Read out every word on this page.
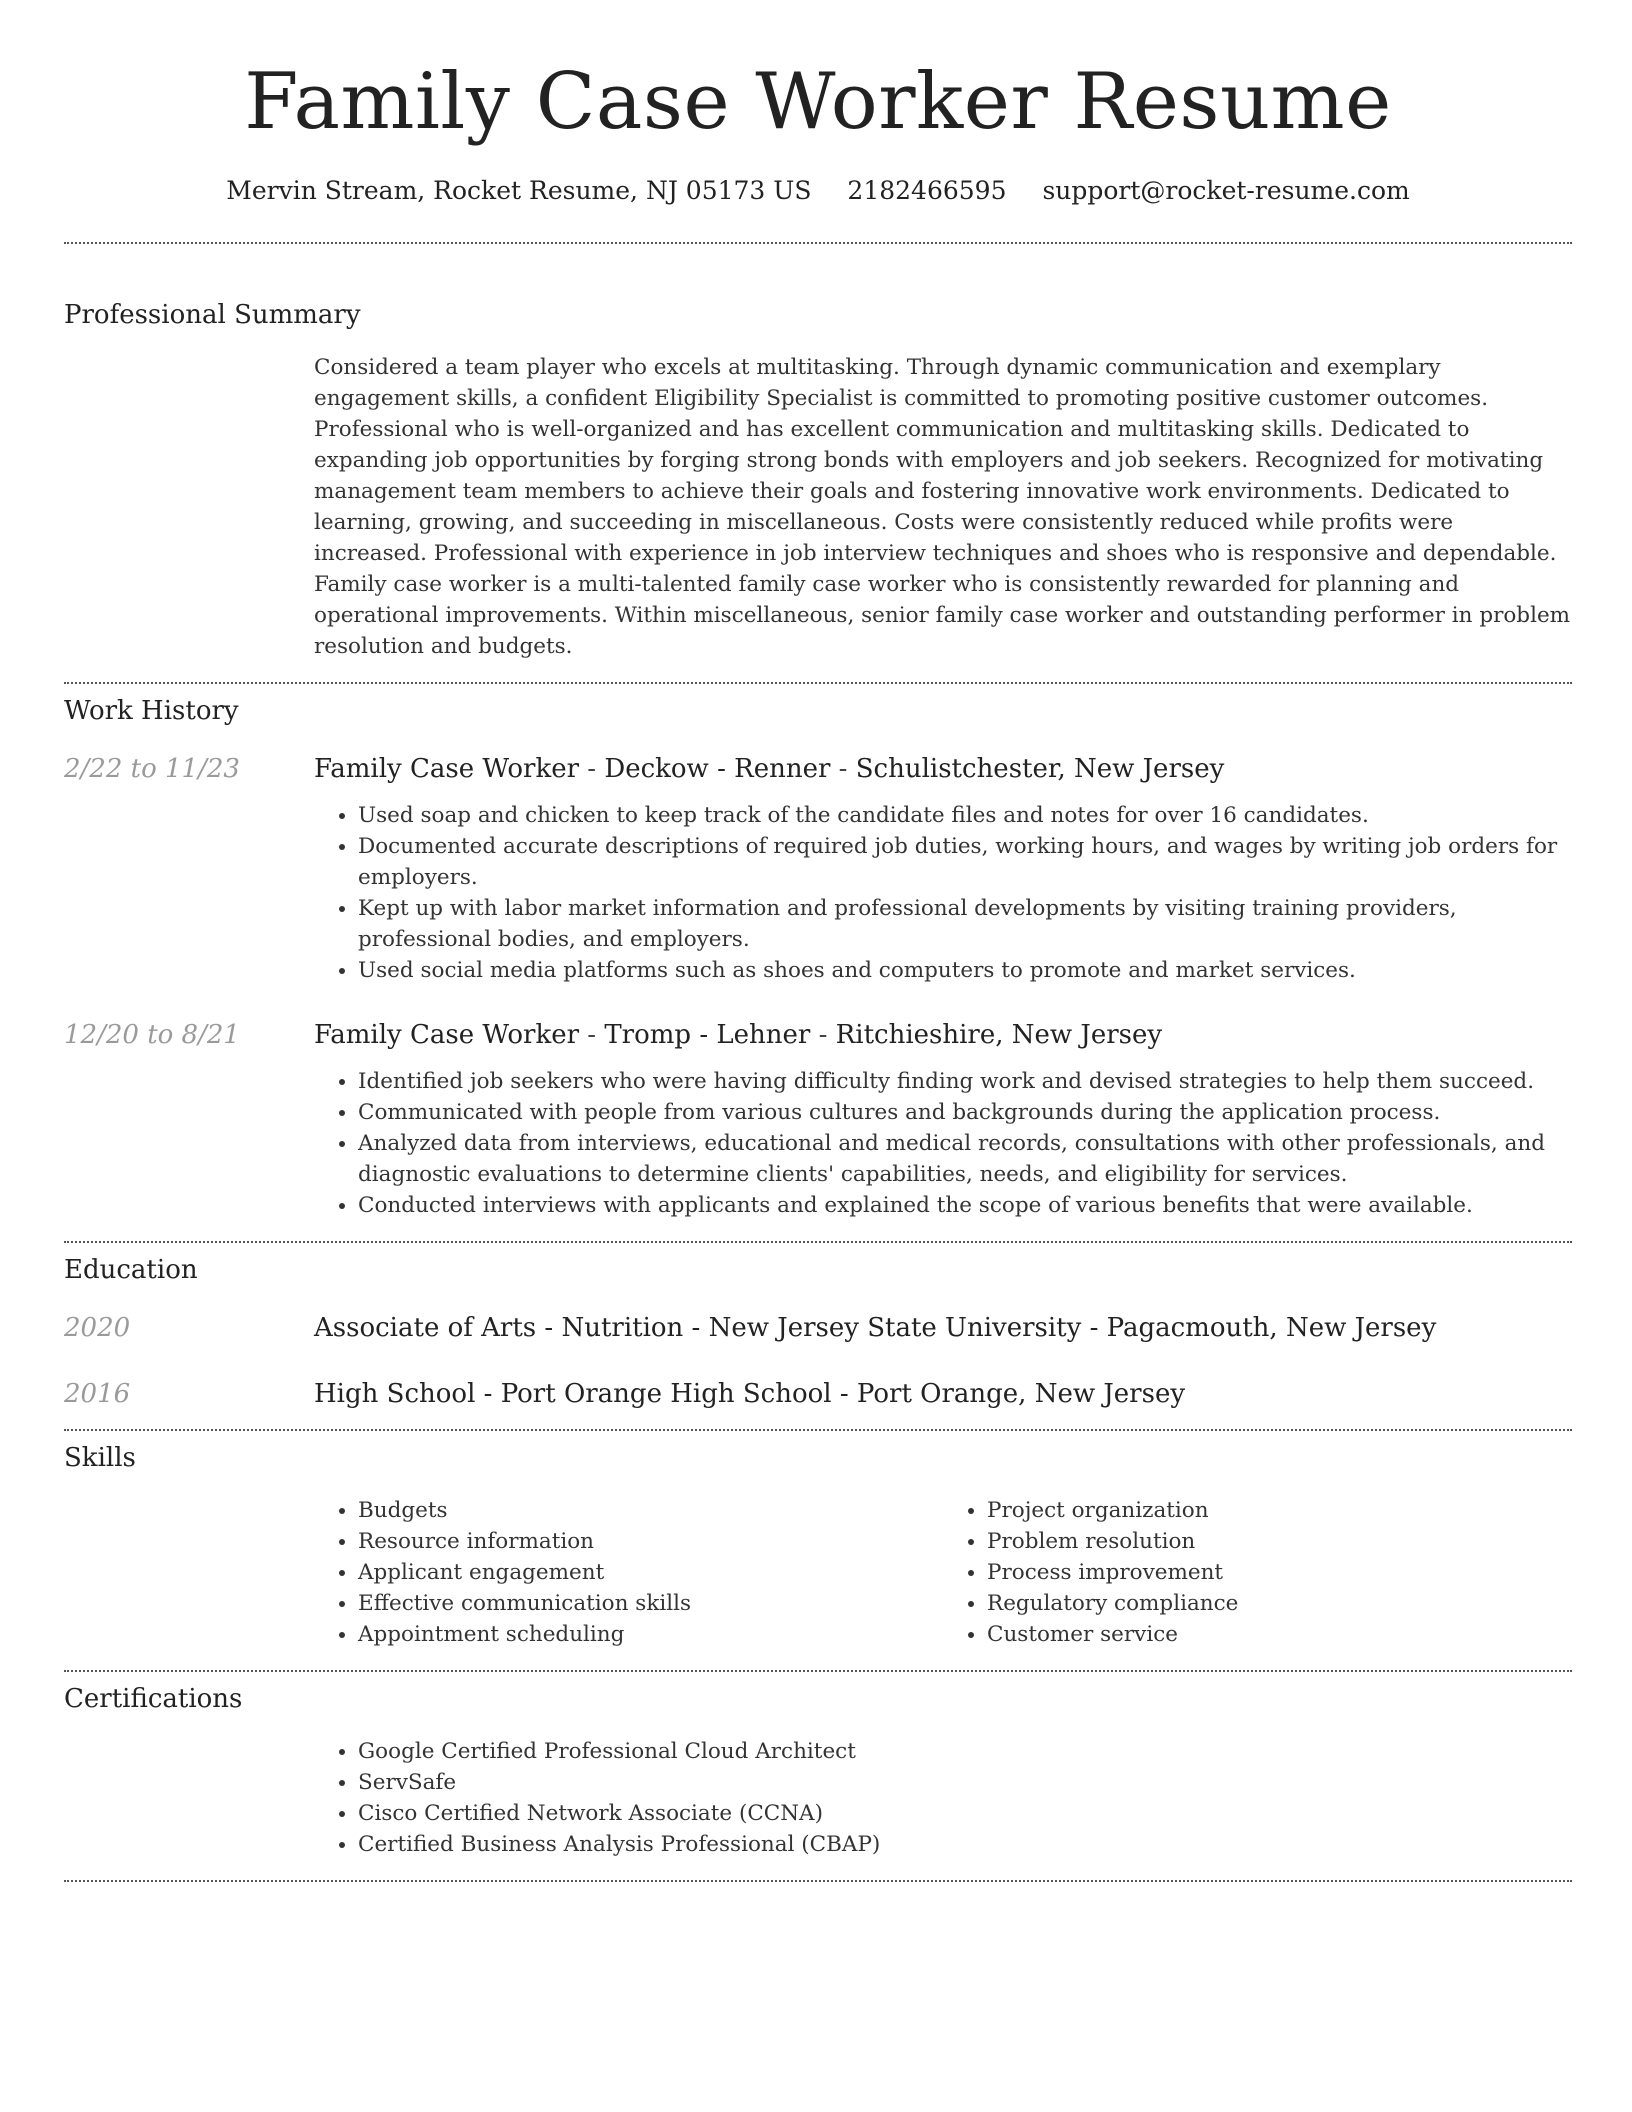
Family Case Worker Resume
Mervin Stream, Rocket Resume, NJ 05173 US 2182466595 support@rocket-resume.com
Professional Summary
Considered a team player who excels at multitasking. Through dynamic communication and exemplary engagement skills, a confident Eligibility Specialist is committed to promoting positive customer outcomes. Professional who is well-organized and has excellent communication and multitasking skills. Dedicated to expanding job opportunities by forging strong bonds with employers and job seekers. Recognized for motivating management team members to achieve their goals and fostering innovative work environments. Dedicated to learning, growing, and succeeding in miscellaneous. Costs were consistently reduced while profits were increased. Professional with experience in job interview techniques and shoes who is responsive and dependable. Family case worker is a multi-talented family case worker who is consistently rewarded for planning and operational improvements. Within miscellaneous, senior family case worker and outstanding performer in problem resolution and budgets.
Work History
2/22 to 11/23	Family Case Worker - Deckow - Renner - Schulistchester, New Jersey
• Used soap and chicken to keep track of the candidate files and notes for over 16 candidates.
• Documented accurate descriptions of required job duties, working hours, and wages by writing job orders for employers.
• Kept up with labor market information and professional developments by visiting training providers, professional bodies, and employers.
• Used social media platforms such as shoes and computers to promote and market services.
12/20 to 8/21	Family Case Worker - Tromp - Lehner - Ritchieshire, New Jersey
• Identified job seekers who were having difficulty finding work and devised strategies to help them succeed.
• Communicated with people from various cultures and backgrounds during the application process.
• Analyzed data from interviews, educational and medical records, consultations with other professionals, and diagnostic evaluations to determine clients' capabilities, needs, and eligibility for services.
• Conducted interviews with applicants and explained the scope of various benefits that were available.
Education
2020	Associate of Arts - Nutrition - New Jersey State University - Pagacmouth, New Jersey
2016	High School - Port Orange High School - Port Orange, New Jersey
Skills
• Budgets
• Resource information
• Applicant engagement
• Effective communication skills
• Appointment scheduling
• Project organization
• Problem resolution
• Process improvement
• Regulatory compliance
• Customer service
Certifications
• Google Certified Professional Cloud Architect
• ServSafe
• Cisco Certified Network Associate (CCNA)
• Certified Business Analysis Professional (CBAP)
